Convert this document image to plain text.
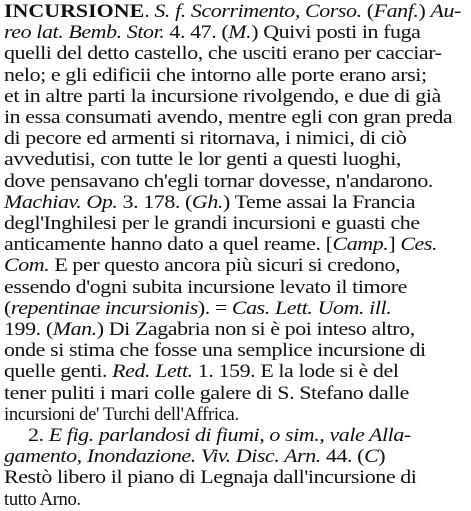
INCURSIONE. S. f. Scorrimento, Corso. (Fanf.) Au-
reo lat. Bemb. Stor. 4. 47. (M.) Quivi posti in fuga
quelli del detto castello, che usciti erano per cacciar-
nelo; e gli edificii che intorno alle porte erano arsi;
et in altre parti la incursione rivolgendo, e due di già
in essa consumati avendo, mentre egli con gran preda
di pecore ed armenti si ritornava, i nimici, di ciò
avvedutisi, con tutte le lor genti a questi luoghi,
dove pensavano ch'egli tornar dovesse, n'andarono.
Machiav. Op. 3. 178. (Gh.) Teme assai la Francia
degl'Inghilesi per le grandi incursioni e guasti che
anticamente hanno dato a quel reame. [Camp.] Ces.
Com. E per questo ancora più sicuri si credono,
essendo d'ogni subita incursione levato il timore
(repentinae incursionis). = Cas. Lett. Uom. ill.
199. (Man.) Di Zagabria non si è poi inteso altro,
onde si stima che fosse una semplice incursione di
quelle genti. Red. Lett. 1. 159. E la lode si è del
tener puliti i mari colle galere di S. Stefano dalle
incursioni de' Turchi dell'Affrica.
2. E fig. parlandosi di fiumi, o sim., vale Alla-
gamento, Inondazione. Viv. Disc. Arn. 44. (C)
Restò libero il piano di Legnaja dall'incursione di
tutto Arno.
